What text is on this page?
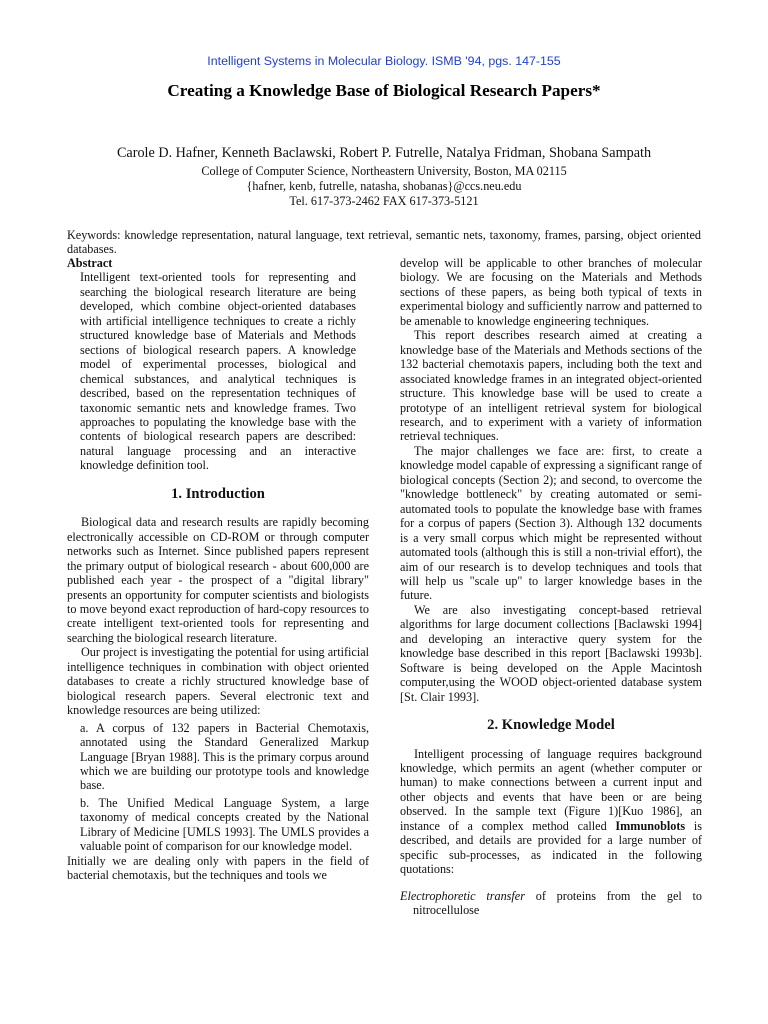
Intelligent Systems in Molecular Biology. ISMB '94, pgs. 147-155
Creating a Knowledge Base of Biological Research Papers*
Carole D. Hafner, Kenneth Baclawski, Robert P. Futrelle, Natalya Fridman, Shobana Sampath
College of Computer Science, Northeastern University, Boston, MA 02115
{hafner, kenb, futrelle, natasha, shobanas}@ccs.neu.edu
Tel. 617-373-2462 FAX 617-373-5121
Keywords: knowledge representation, natural language, text retrieval, semantic nets, taxonomy, frames, parsing, object oriented databases.

Abstract

Intelligent text-oriented tools for representing and searching the biological research literature are being developed, which combine object-oriented databases with artificial intelligence techniques to create a richly structured knowledge base of Materials and Methods sections of biological research papers. A knowledge model of experimental processes, biological and chemical substances, and analytical techniques is described, based on the representation techniques of taxonomic semantic nets and knowledge frames. Two approaches to populating the knowledge base with the contents of biological research papers are described: natural language processing and an interactive knowledge definition tool.

1. Introduction

Biological data and research results are rapidly becoming electronically accessible on CD-ROM or through computer networks such as Internet. Since published papers represent the primary output of biological research - about 600,000 are published each year - the prospect of a "digital library" presents an opportunity for computer scientists and biologists to move beyond exact reproduction of hard-copy resources to create intelligent text-oriented tools for representing and searching the biological research literature.

Our project is investigating the potential for using artificial intelligence techniques in combination with object oriented databases to create a richly structured knowledge base of biological research papers. Several electronic text and knowledge resources are being utilized:

a. A corpus of 132 papers in Bacterial Chemotaxis, annotated using the Standard Generalized Markup Language [Bryan 1988]. This is the primary corpus around which we are building our prototype tools and knowledge base.

b. The Unified Medical Language System, a large taxonomy of medical concepts created by the National Library of Medicine [UMLS 1993]. The UMLS provides a valuable point of comparison for our knowledge model.

Initially we are dealing only with papers in the field of bacterial chemotaxis, but the techniques and tools we

develop will be applicable to other branches of molecular biology. We are focusing on the Materials and Methods sections of these papers, as being both typical of texts in experimental biology and sufficiently narrow and patterned to be amenable to knowledge engineering techniques.

This report describes research aimed at creating a knowledge base of the Materials and Methods sections of the 132 bacterial chemotaxis papers, including both the text and associated knowledge frames in an integrated object-oriented structure. This knowledge base will be used to create a prototype of an intelligent retrieval system for biological research, and to experiment with a variety of information retrieval techniques.

The major challenges we face are: first, to create a knowledge model capable of expressing a significant range of biological concepts (Section 2); and second, to overcome the "knowledge bottleneck" by creating automated or semi-automated tools to populate the knowledge base with frames for a corpus of papers (Section 3). Although 132 documents is a very small corpus which might be represented without automated tools (although this is still a non-trivial effort), the aim of our research is to develop techniques and tools that will help us "scale up" to larger knowledge bases in the future.

We are also investigating concept-based retrieval algorithms for large document collections [Baclawski 1994] and developing an interactive query system for the knowledge base described in this report [Baclawski 1993b]. Software is being developed on the Apple Macintosh computer,using the WOOD object-oriented database system [St. Clair 1993].

2. Knowledge Model

Intelligent processing of language requires background knowledge, which permits an agent (whether computer or human) to make connections between a current input and other objects and events that have been or are being observed. In the sample text (Figure 1)[Kuo 1986], an instance of a complex method called Immunoblots is described, and details are provided for a large number of specific sub-processes, as indicated in the following quotations:

Electrophoretic transfer of proteins from the gel to nitrocellulose
